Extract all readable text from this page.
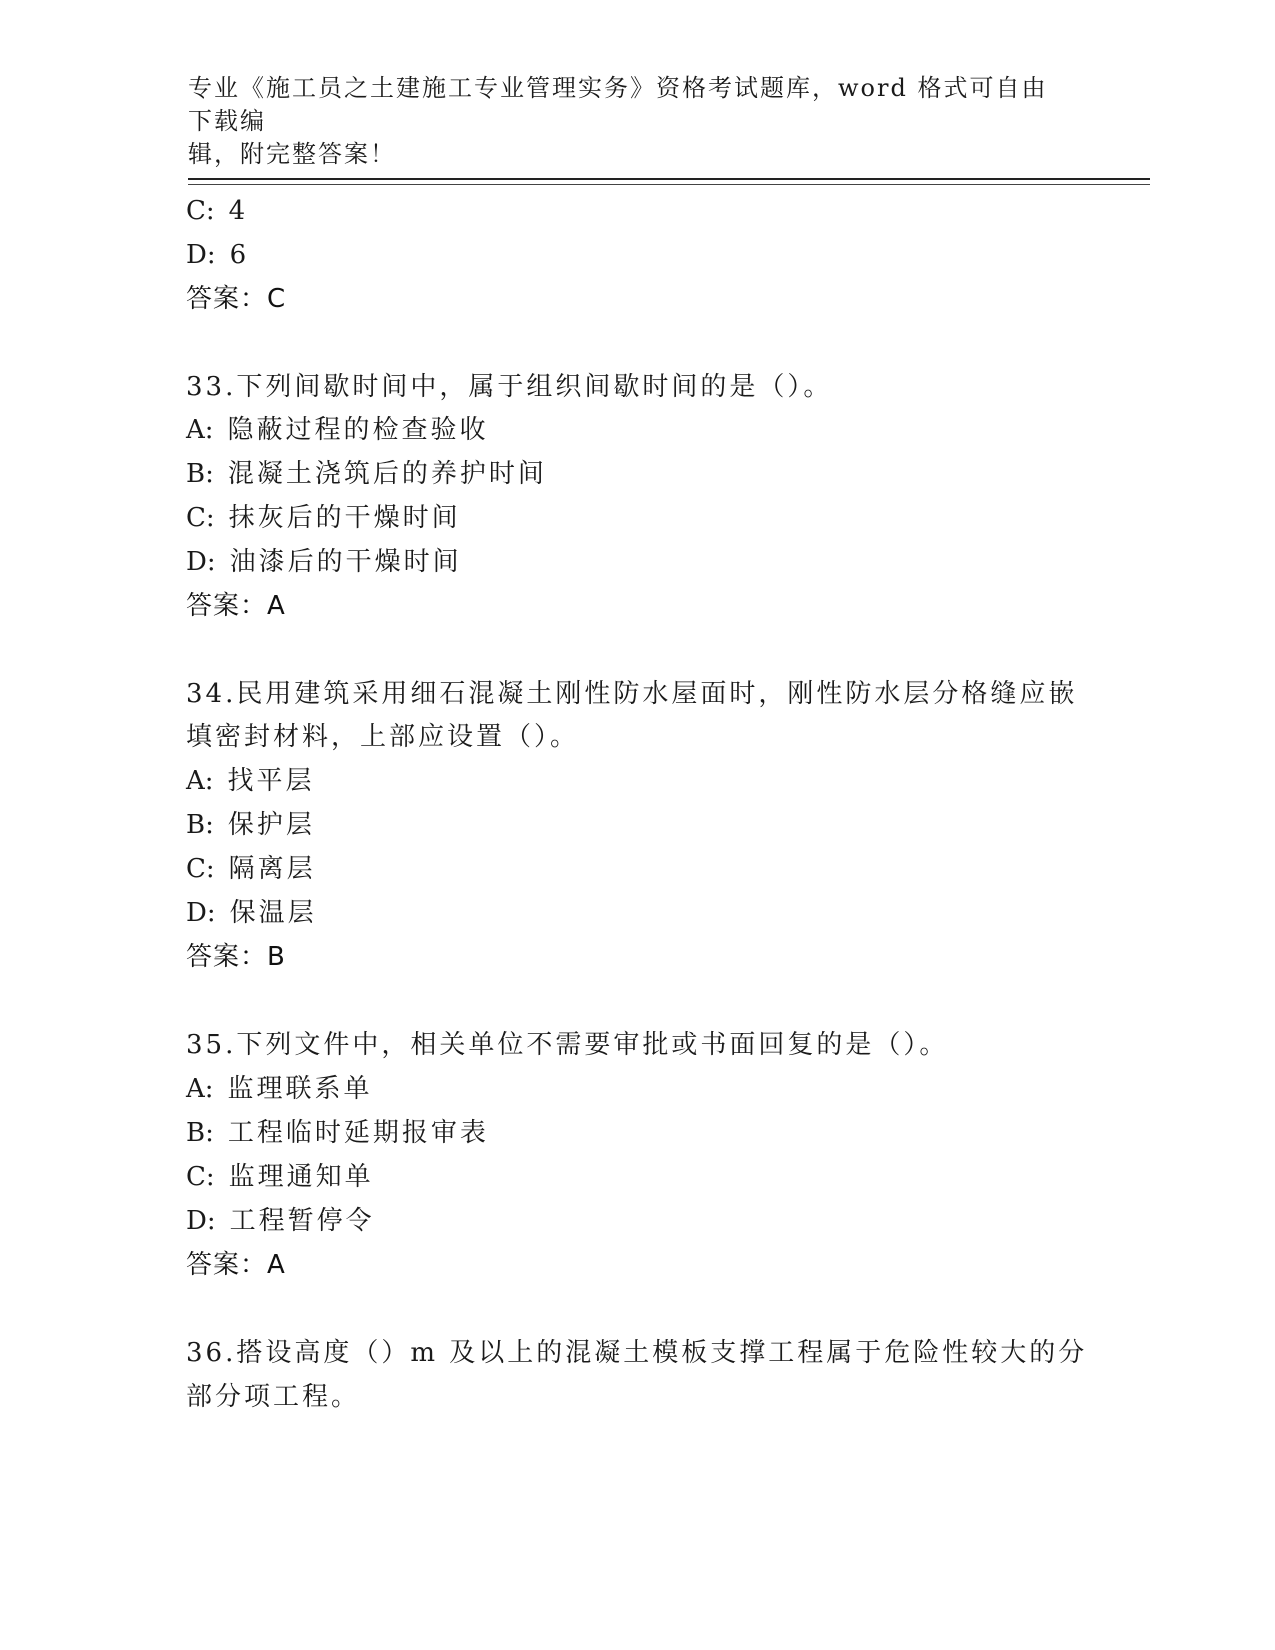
专业《施工员之土建施工专业管理实务》资格考试题库，word 格式可自由下载编
辑，附完整答案！
C: 4
D: 6
答案：C
33.下列间歇时间中，属于组织间歇时间的是（）。
A: 隐蔽过程的检查验收
B: 混凝土浇筑后的养护时间
C: 抹灰后的干燥时间
D: 油漆后的干燥时间
答案：A
34.民用建筑采用细石混凝土刚性防水屋面时，刚性防水层分格缝应嵌
填密封材料，上部应设置（）。
A: 找平层
B: 保护层
C: 隔离层
D: 保温层
答案：B
35.下列文件中，相关单位不需要审批或书面回复的是（）。
A: 监理联系单
B: 工程临时延期报审表
C: 监理通知单
D: 工程暂停令
答案：A
36.搭设高度（）m 及以上的混凝土模板支撑工程属于危险性较大的分
部分项工程。
